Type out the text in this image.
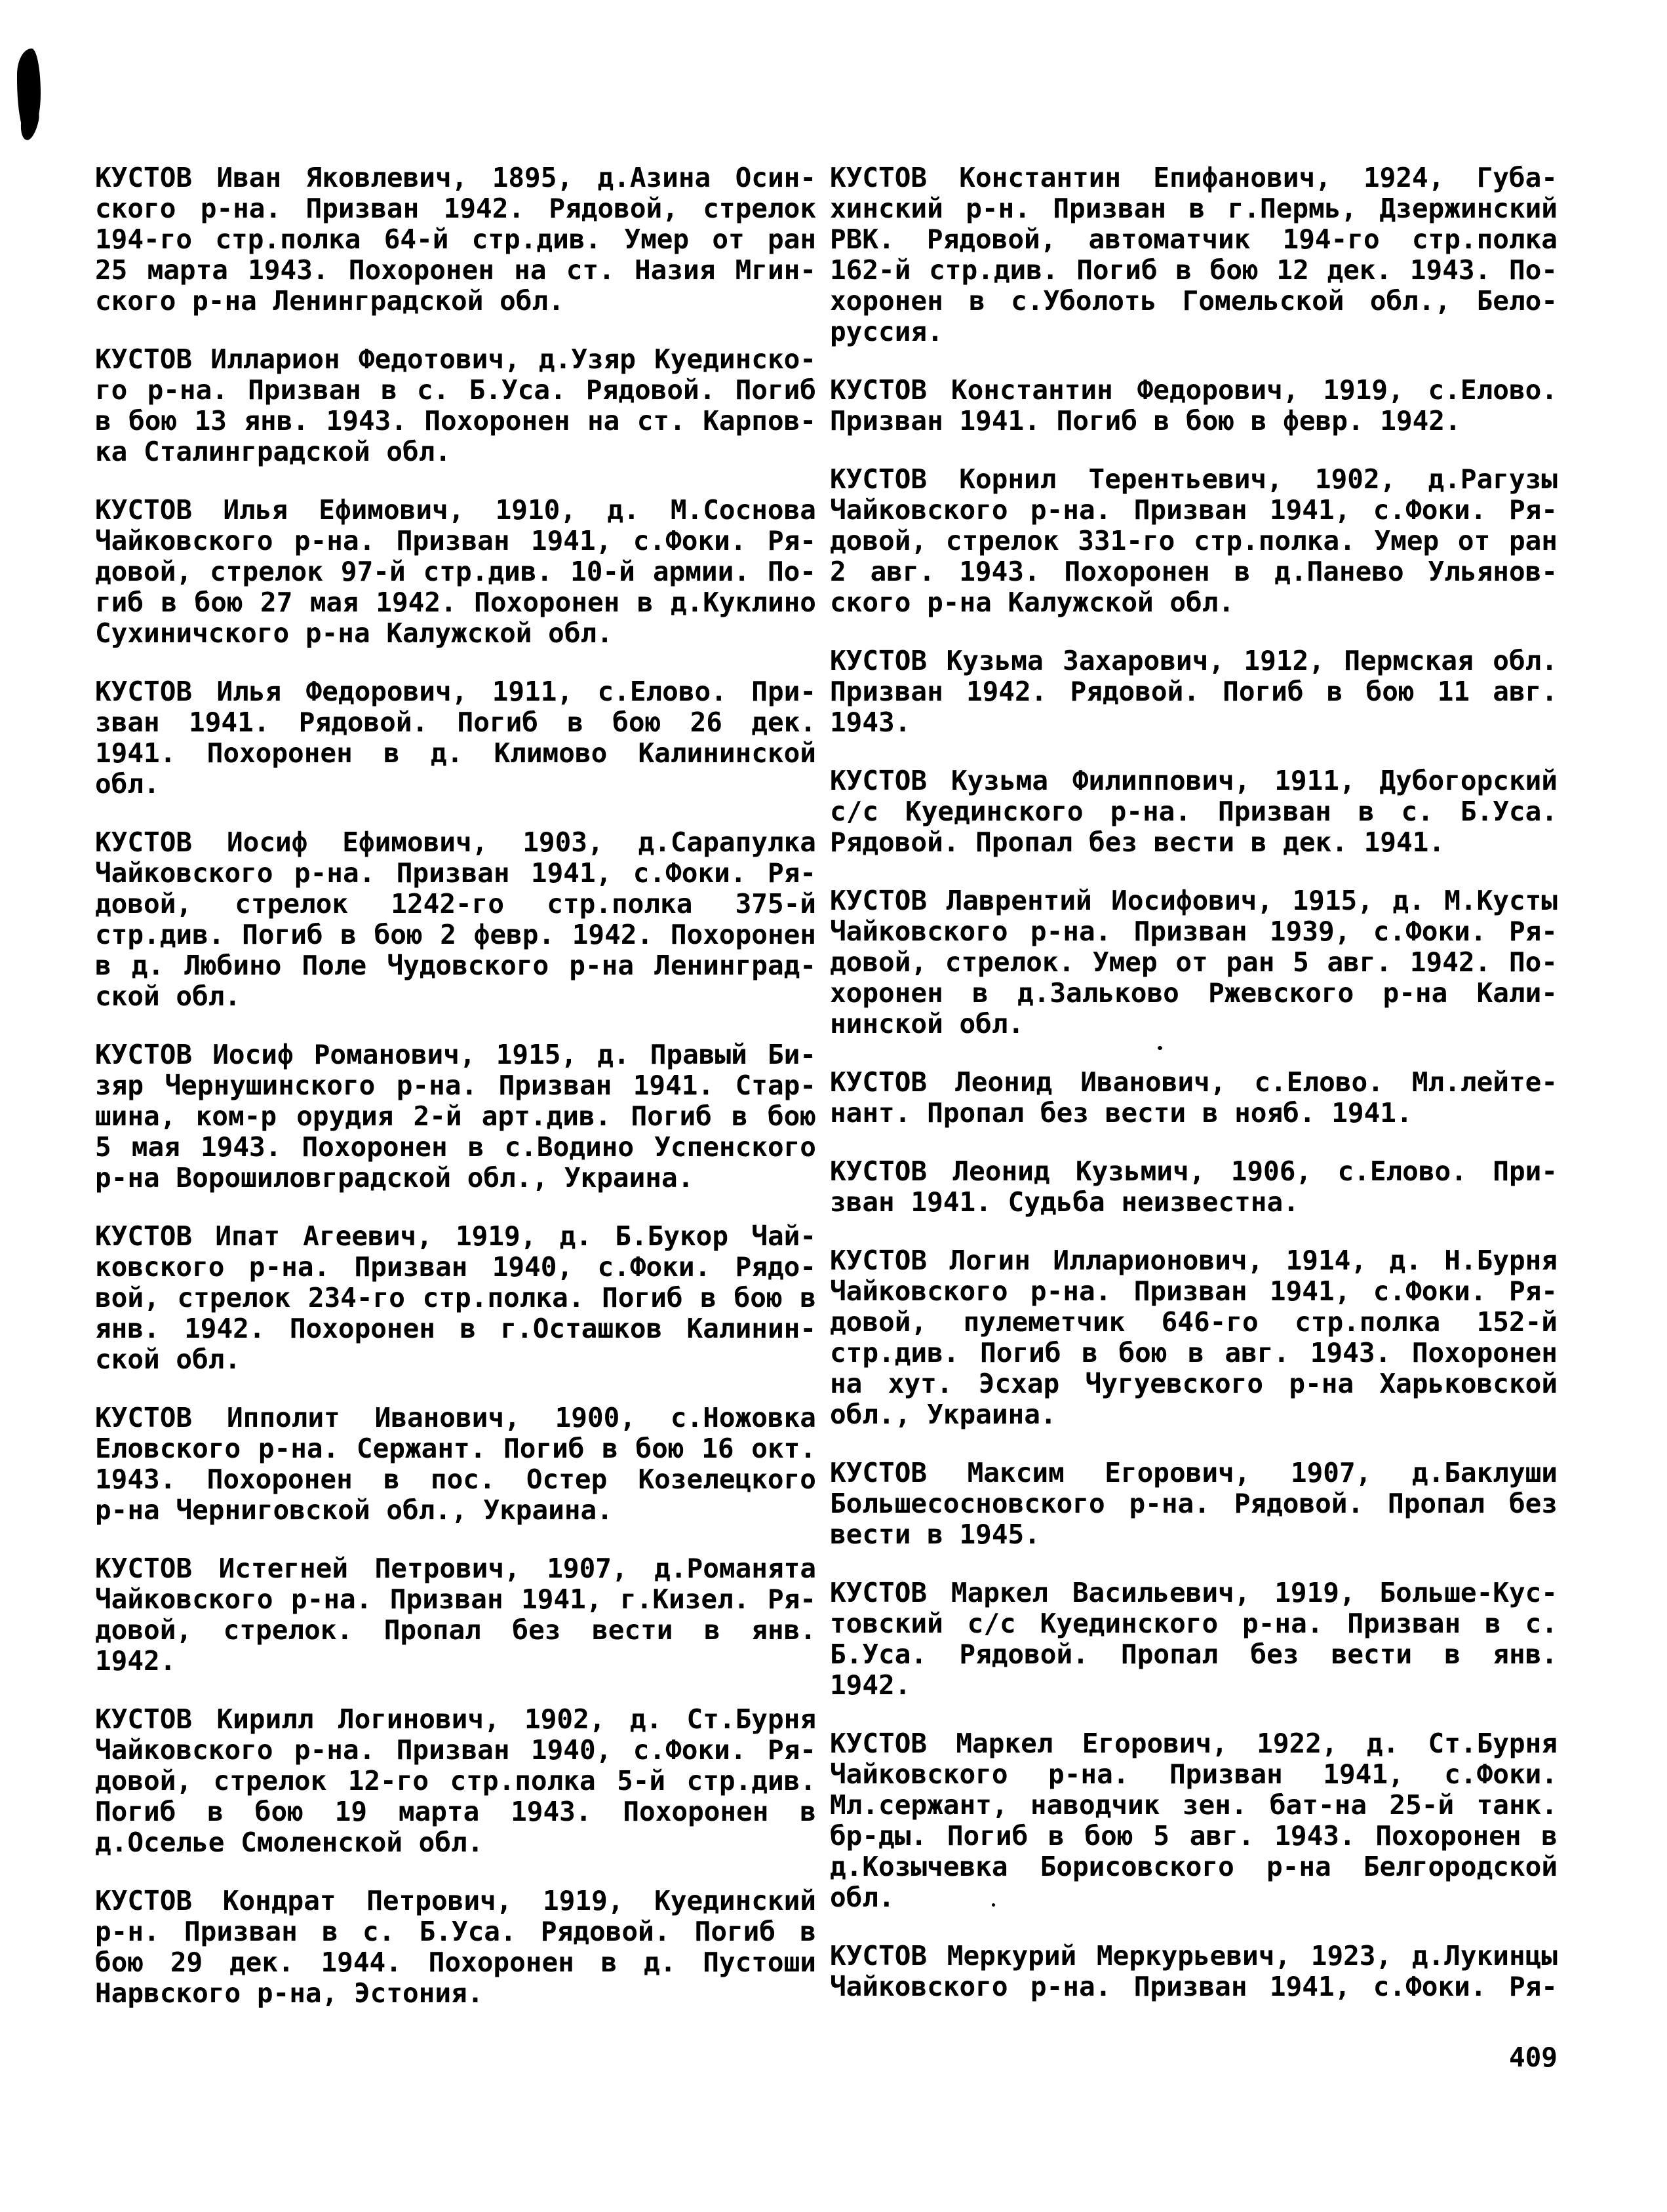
КУСТОВ Иван Яковлевич, 1895, д.Азина Осин-
ского р-на. Призван 1942. Рядовой, стрелок
194-го стр.полка 64-й стр.див. Умер от ран
25 марта 1943. Похоронен на ст. Назия Мгин-
ского р-на Ленинградской обл.

КУСТОВ Илларион Федотович, д.Узяр Куединско-
го р-на. Призван в с. Б.Уса. Рядовой. Погиб
в бою 13 янв. 1943. Похоронен на ст. Карпов-
ка Сталинградской обл.

КУСТОВ Илья Ефимович, 1910, д. М.Соснова
Чайковского р-на. Призван 1941, с.Фоки. Ря-
довой, стрелок 97-й стр.див. 10-й армии. По-
гиб в бою 27 мая 1942. Похоронен в д.Куклино
Сухиничского р-на Калужской обл.

КУСТОВ Илья Федорович, 1911, с.Елово. При-
зван 1941. Рядовой. Погиб в бою 26 дек.
1941. Похоронен в д. Климово Калининской
обл.

КУСТОВ Иосиф Ефимович, 1903, д.Сарапулка
Чайковского р-на. Призван 1941, с.Фоки. Ря-
довой, стрелок 1242-го стр.полка 375-й
стр.див. Погиб в бою 2 февр. 1942. Похоронен
в д. Любино Поле Чудовского р-на Ленинград-
ской обл.

КУСТОВ Иосиф Романович, 1915, д. Правый Би-
зяр Чернушинского р-на. Призван 1941. Стар-
шина, ком-р орудия 2-й арт.див. Погиб в бою
5 мая 1943. Похоронен в с.Водино Успенского
р-на Ворошиловградской обл., Украина.

КУСТОВ Ипат Агеевич, 1919, д. Б.Букор Чай-
ковского р-на. Призван 1940, с.Фоки. Рядо-
вой, стрелок 234-го стр.полка. Погиб в бою в
янв. 1942. Похоронен в г.Осташков Калинин-
ской обл.

КУСТОВ Ипполит Иванович, 1900, с.Ножовка
Еловского р-на. Сержант. Погиб в бою 16 окт.
1943. Похоронен в пос. Остер Козелецкого
р-на Черниговской обл., Украина.

КУСТОВ Истегней Петрович, 1907, д.Романята
Чайковского р-на. Призван 1941, г.Кизел. Ря-
довой, стрелок. Пропал без вести в янв.
1942.

КУСТОВ Кирилл Логинович, 1902, д. Ст.Бурня
Чайковского р-на. Призван 1940, с.Фоки. Ря-
довой, стрелок 12-го стр.полка 5-й стр.див.
Погиб в бою 19 марта 1943. Похоронен в
д.Оселье Смоленской обл.

КУСТОВ Кондрат Петрович, 1919, Куединский
р-н. Призван в с. Б.Уса. Рядовой. Погиб в
бою 29 дек. 1944. Похоронен в д. Пустоши
Нарвского р-на, Эстония.

КУСТОВ Константин Епифанович, 1924, Губа-
хинский р-н. Призван в г.Пермь, Дзержинский
РВК. Рядовой, автоматчик 194-го стр.полка
162-й стр.див. Погиб в бою 12 дек. 1943. По-
хоронен в с.Уболоть Гомельской обл., Бело-
руссия.

КУСТОВ Константин Федорович, 1919, с.Елово.
Призван 1941. Погиб в бою в февр. 1942.

КУСТОВ Корнил Терентьевич, 1902, д.Рагузы
Чайковского р-на. Призван 1941, с.Фоки. Ря-
довой, стрелок 331-го стр.полка. Умер от ран
2 авг. 1943. Похоронен в д.Панево Ульянов-
ского р-на Калужской обл.

КУСТОВ Кузьма Захарович, 1912, Пермская обл.
Призван 1942. Рядовой. Погиб в бою 11 авг.
1943.

КУСТОВ Кузьма Филиппович, 1911, Дубогорский
с/с Куединского р-на. Призван в с. Б.Уса.
Рядовой. Пропал без вести в дек. 1941.

КУСТОВ Лаврентий Иосифович, 1915, д. М.Кусты
Чайковского р-на. Призван 1939, с.Фоки. Ря-
довой, стрелок. Умер от ран 5 авг. 1942. По-
хоронен в д.Зальково Ржевского р-на Кали-
нинской обл.

КУСТОВ Леонид Иванович, с.Елово. Мл.лейте-
нант. Пропал без вести в нояб. 1941.

КУСТОВ Леонид Кузьмич, 1906, с.Елово. При-
зван 1941. Судьба неизвестна.

КУСТОВ Логин Илларионович, 1914, д. Н.Бурня
Чайковского р-на. Призван 1941, с.Фоки. Ря-
довой, пулеметчик 646-го стр.полка 152-й
стр.див. Погиб в бою в авг. 1943. Похоронен
на хут. Эсхар Чугуевского р-на Харьковской
обл., Украина.

КУСТОВ Максим Егорович, 1907, д.Баклуши
Большесосновского р-на. Рядовой. Пропал без
вести в 1945.

КУСТОВ Маркел Васильевич, 1919, Больше-Кус-
товский с/с Куединского р-на. Призван в с.
Б.Уса. Рядовой. Пропал без вести в янв.
1942.

КУСТОВ Маркел Егорович, 1922, д. Ст.Бурня
Чайковского р-на. Призван 1941, с.Фоки.
Мл.сержант, наводчик зен. бат-на 25-й танк.
бр-ды. Погиб в бою 5 авг. 1943. Похоронен в
д.Козычевка Борисовского р-на Белгородской
обл.

КУСТОВ Меркурий Меркурьевич, 1923, д.Лукинцы
Чайковского р-на. Призван 1941, с.Фоки. Ря-

409
